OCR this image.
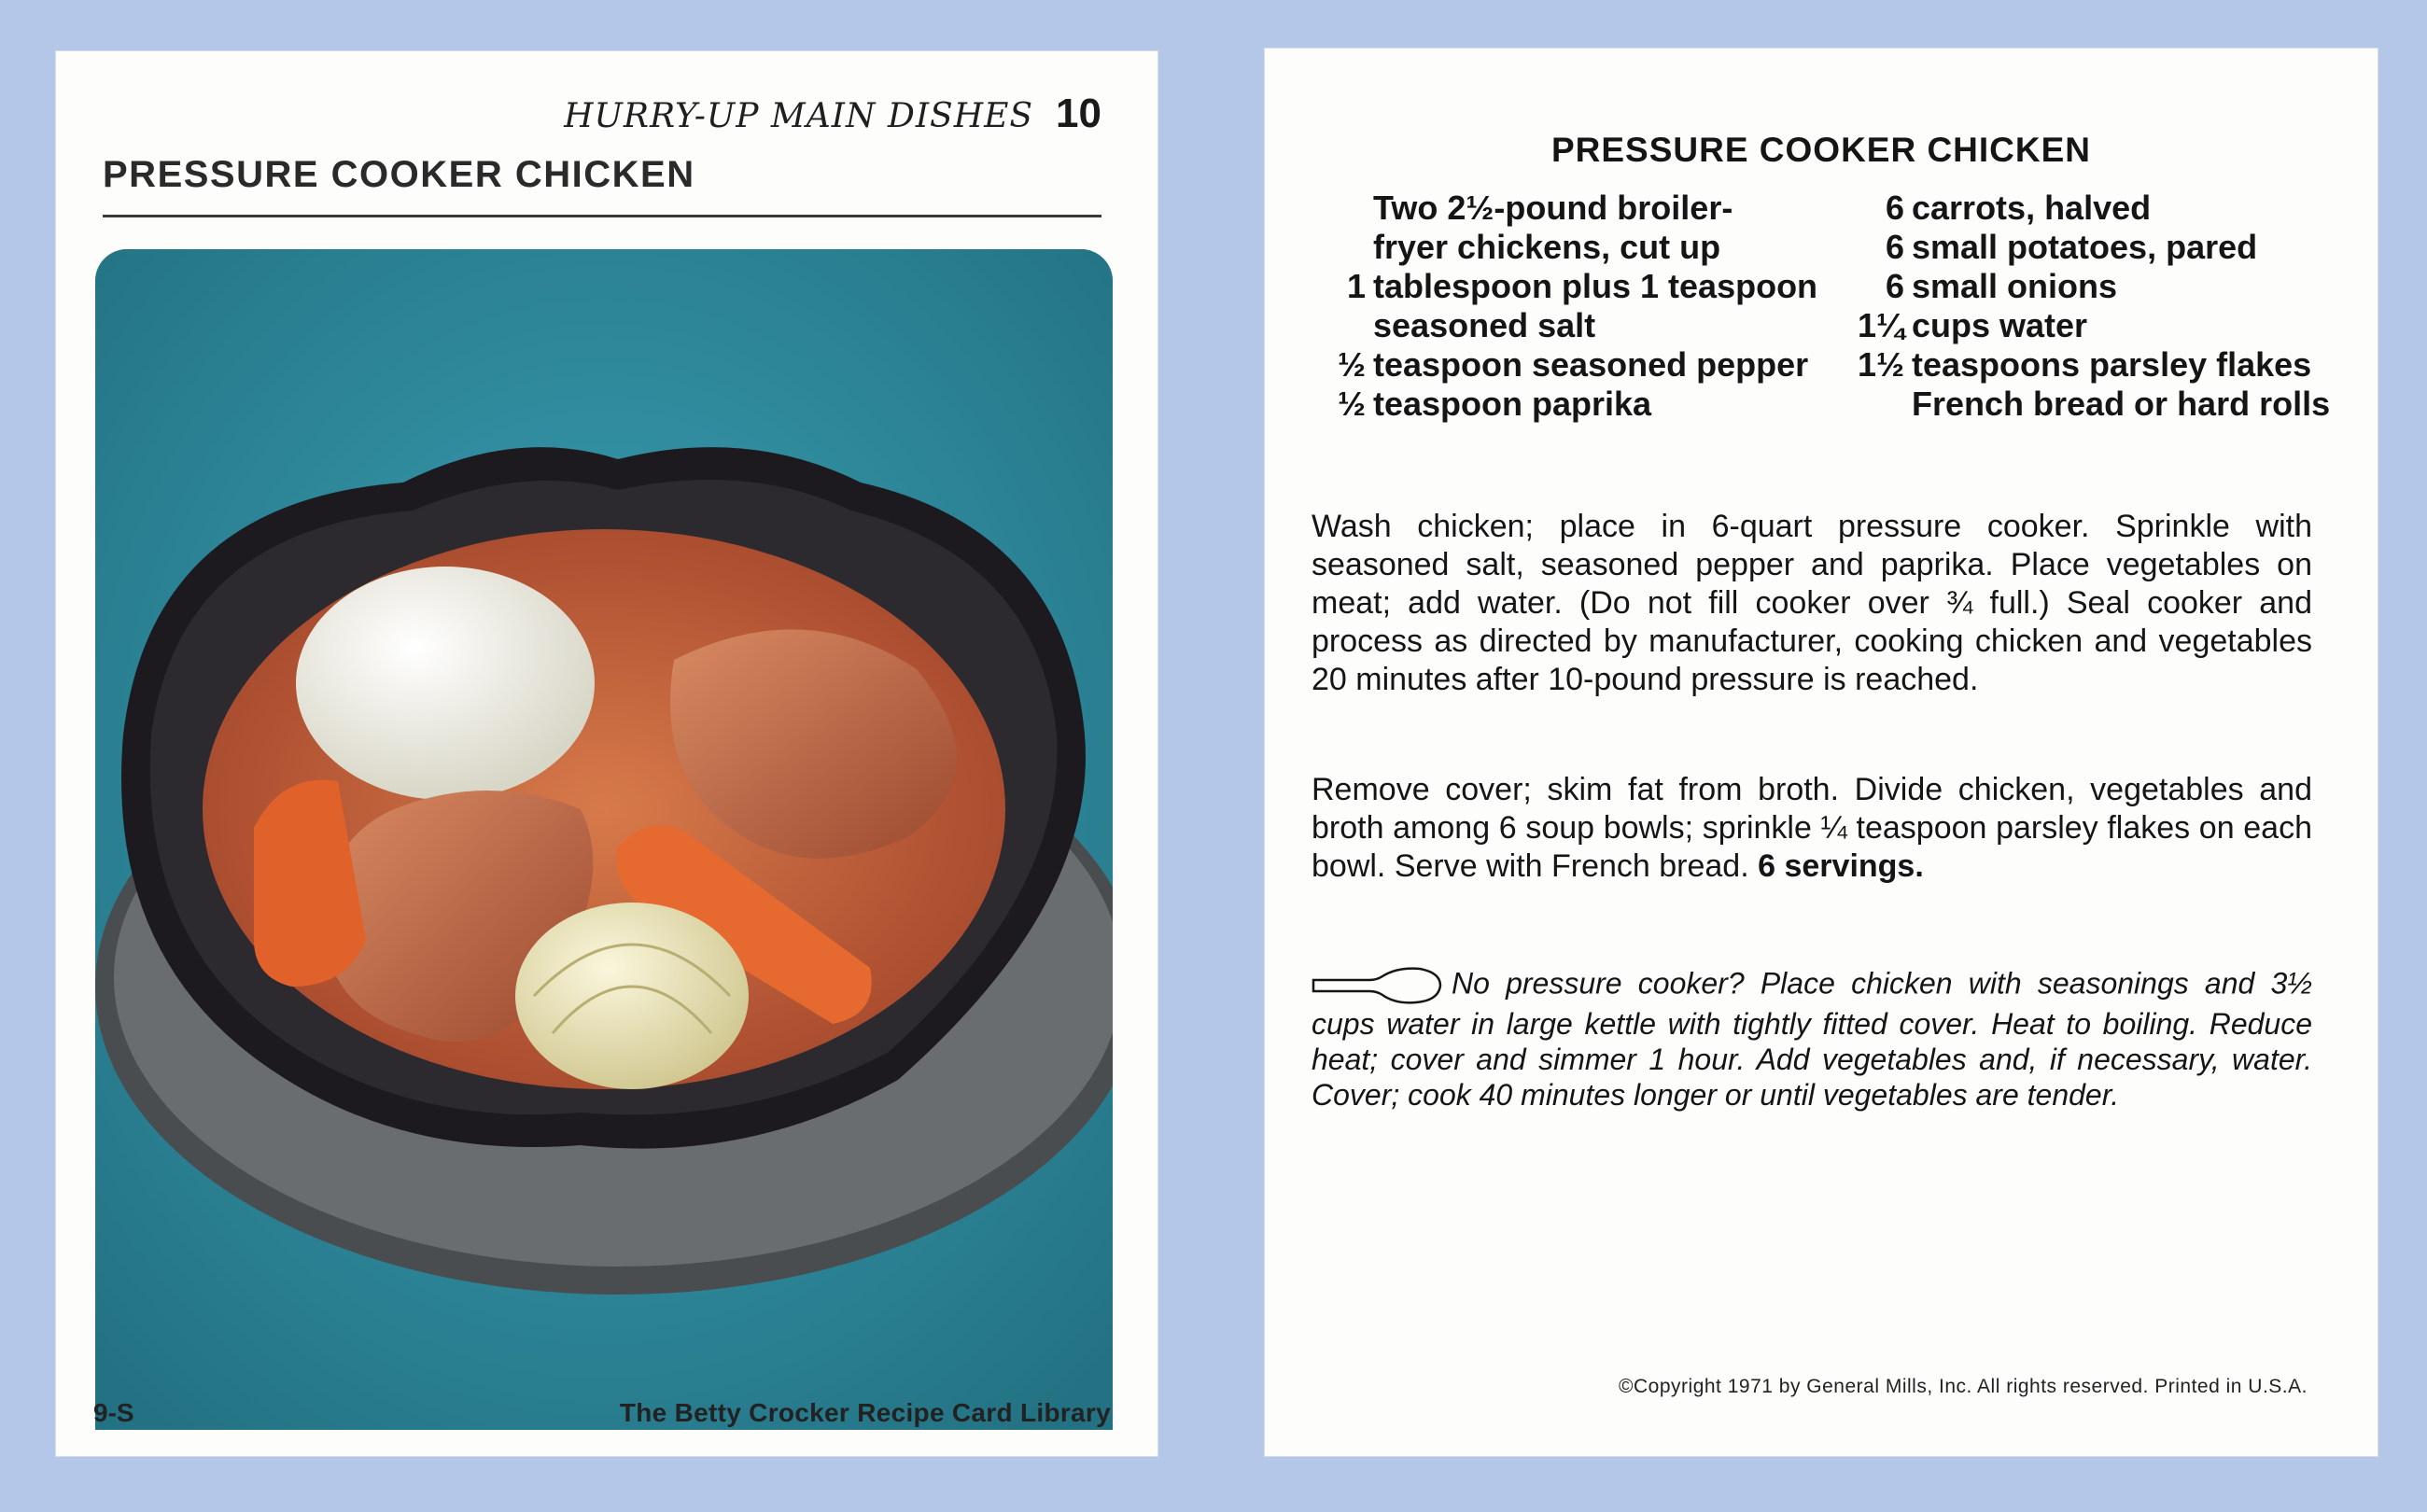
HURRY-UP MAIN DISHES 10
PRESSURE COOKER CHICKEN
9-S	The Betty Crocker Recipe Card Library
PRESSURE COOKER CHICKEN
Two 2½-pound broiler-
fryer chickens, cut up
1 tablespoon plus 1 teaspoon
seasoned salt
½ teaspoon seasoned pepper
½ teaspoon paprika
6 carrots, halved
6 small potatoes, pared
6 small onions
1¼ cups water
1½ teaspoons parsley flakes
French bread or hard rolls

Wash chicken; place in 6-quart pressure cooker. Sprinkle with seasoned salt, seasoned pepper and paprika. Place vegetables on meat; add water. (Do not fill cooker over ¾ full.) Seal cooker and process as directed by manufacturer, cooking chicken and vegetables 20 minutes after 10-pound pressure is reached.

Remove cover; skim fat from broth. Divide chicken, vegetables and broth among 6 soup bowls; sprinkle ¼ teaspoon parsley flakes on each bowl. Serve with French bread. 6 servings.

No pressure cooker? Place chicken with seasonings and 3½ cups water in large kettle with tightly fitted cover. Heat to boiling. Reduce heat; cover and simmer 1 hour. Add vegetables and, if necessary, water. Cover; cook 40 minutes longer or until vegetables are tender.

©Copyright 1971 by General Mills, Inc. All rights reserved. Printed in U.S.A.
